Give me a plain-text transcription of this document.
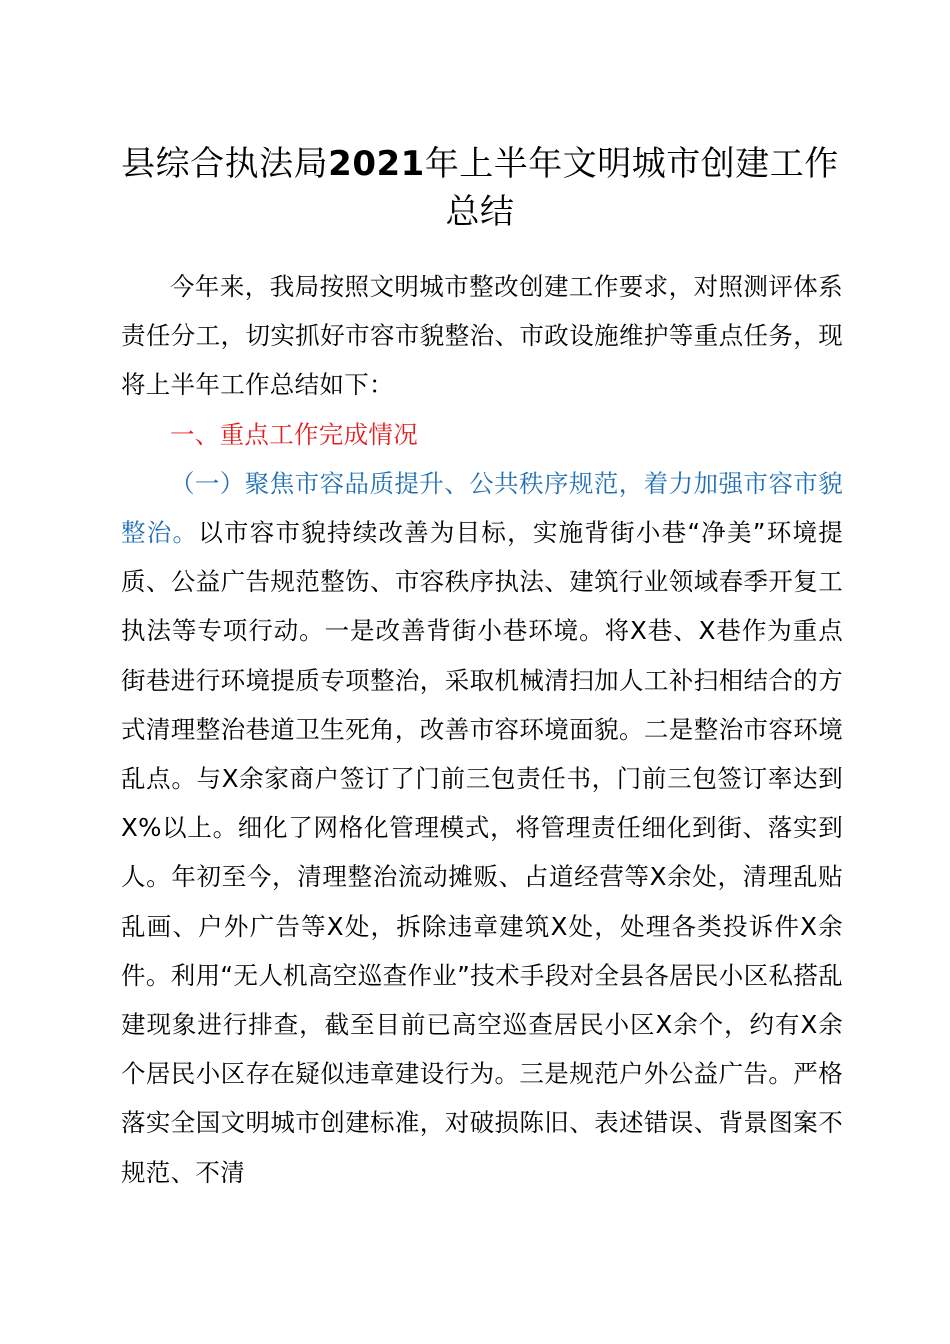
县综合执法局2021年上半年文明城市创建工作总结

今年来，我局按照文明城市整改创建工作要求，对照测评体系责任分工，切实抓好市容市貌整治、市政设施维护等重点任务，现将上半年工作总结如下：

一、重点工作完成情况

（一）聚焦市容品质提升、公共秩序规范，着力加强市容市貌整治。以市容市貌持续改善为目标，实施背街小巷“净美”环境提质、公益广告规范整饬、市容秩序执法、建筑行业领域春季开复工执法等专项行动。一是改善背街小巷环境。将X巷、X巷作为重点街巷进行环境提质专项整治，采取机械清扫加人工补扫相结合的方式清理整治巷道卫生死角，改善市容环境面貌。二是整治市容环境乱点。与X余家商户签订了门前三包责任书，门前三包签订率达到X%以上。细化了网格化管理模式，将管理责任细化到街、落实到人。年初至今，清理整治流动摊贩、占道经营等X余处，清理乱贴乱画、户外广告等X处，拆除违章建筑X处，处理各类投诉件X余件。利用“无人机高空巡查作业”技术手段对全县各居民小区私搭乱建现象进行排查，截至目前已高空巡查居民小区X余个，约有X余个居民小区存在疑似违章建设行为。三是规范户外公益广告。严格落实全国文明城市创建标准，对破损陈旧、表述错误、背景图案不规范、不清
